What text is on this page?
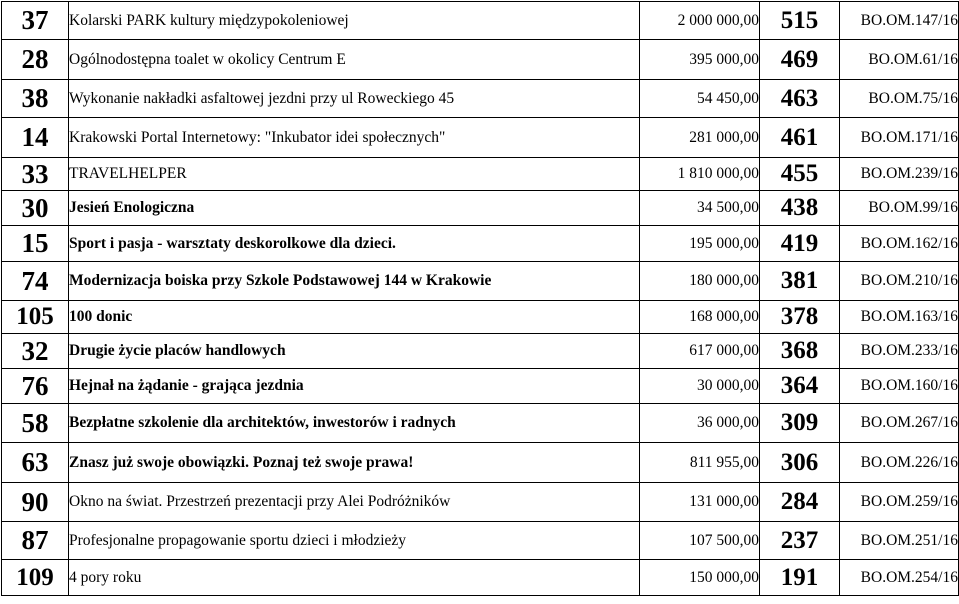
37	Kolarski PARK kultury międzypokoleniowej	2 000 000,00	515	BO.OM.147/16
28	Ogólnodostępna toalet w okolicy Centrum E	395 000,00	469	BO.OM.61/16
38	Wykonanie nakładki asfaltowej jezdni przy ul Roweckiego 45	54 450,00	463	BO.OM.75/16
14	Krakowski Portal Internetowy: "Inkubator idei społecznych"	281 000,00	461	BO.OM.171/16
33	TRAVELHELPER	1 810 000,00	455	BO.OM.239/16
30	Jesień Enologiczna	34 500,00	438	BO.OM.99/16
15	Sport i pasja - warsztaty deskorolkowe dla dzieci.	195 000,00	419	BO.OM.162/16
74	Modernizacja boiska przy Szkole Podstawowej 144 w Krakowie	180 000,00	381	BO.OM.210/16
105	100 donic	168 000,00	378	BO.OM.163/16
32	Drugie życie placów handlowych	617 000,00	368	BO.OM.233/16
76	Hejnał na żądanie - grająca jezdnia	30 000,00	364	BO.OM.160/16
58	Bezpłatne szkolenie dla architektów, inwestorów i radnych	36 000,00	309	BO.OM.267/16
63	Znasz już swoje obowiązki. Poznaj też swoje prawa!	811 955,00	306	BO.OM.226/16
90	Okno na świat. Przestrzeń prezentacji przy Alei Podróżników	131 000,00	284	BO.OM.259/16
87	Profesjonalne propagowanie sportu dzieci i młodzieży	107 500,00	237	BO.OM.251/16
109	4 pory roku	150 000,00	191	BO.OM.254/16
